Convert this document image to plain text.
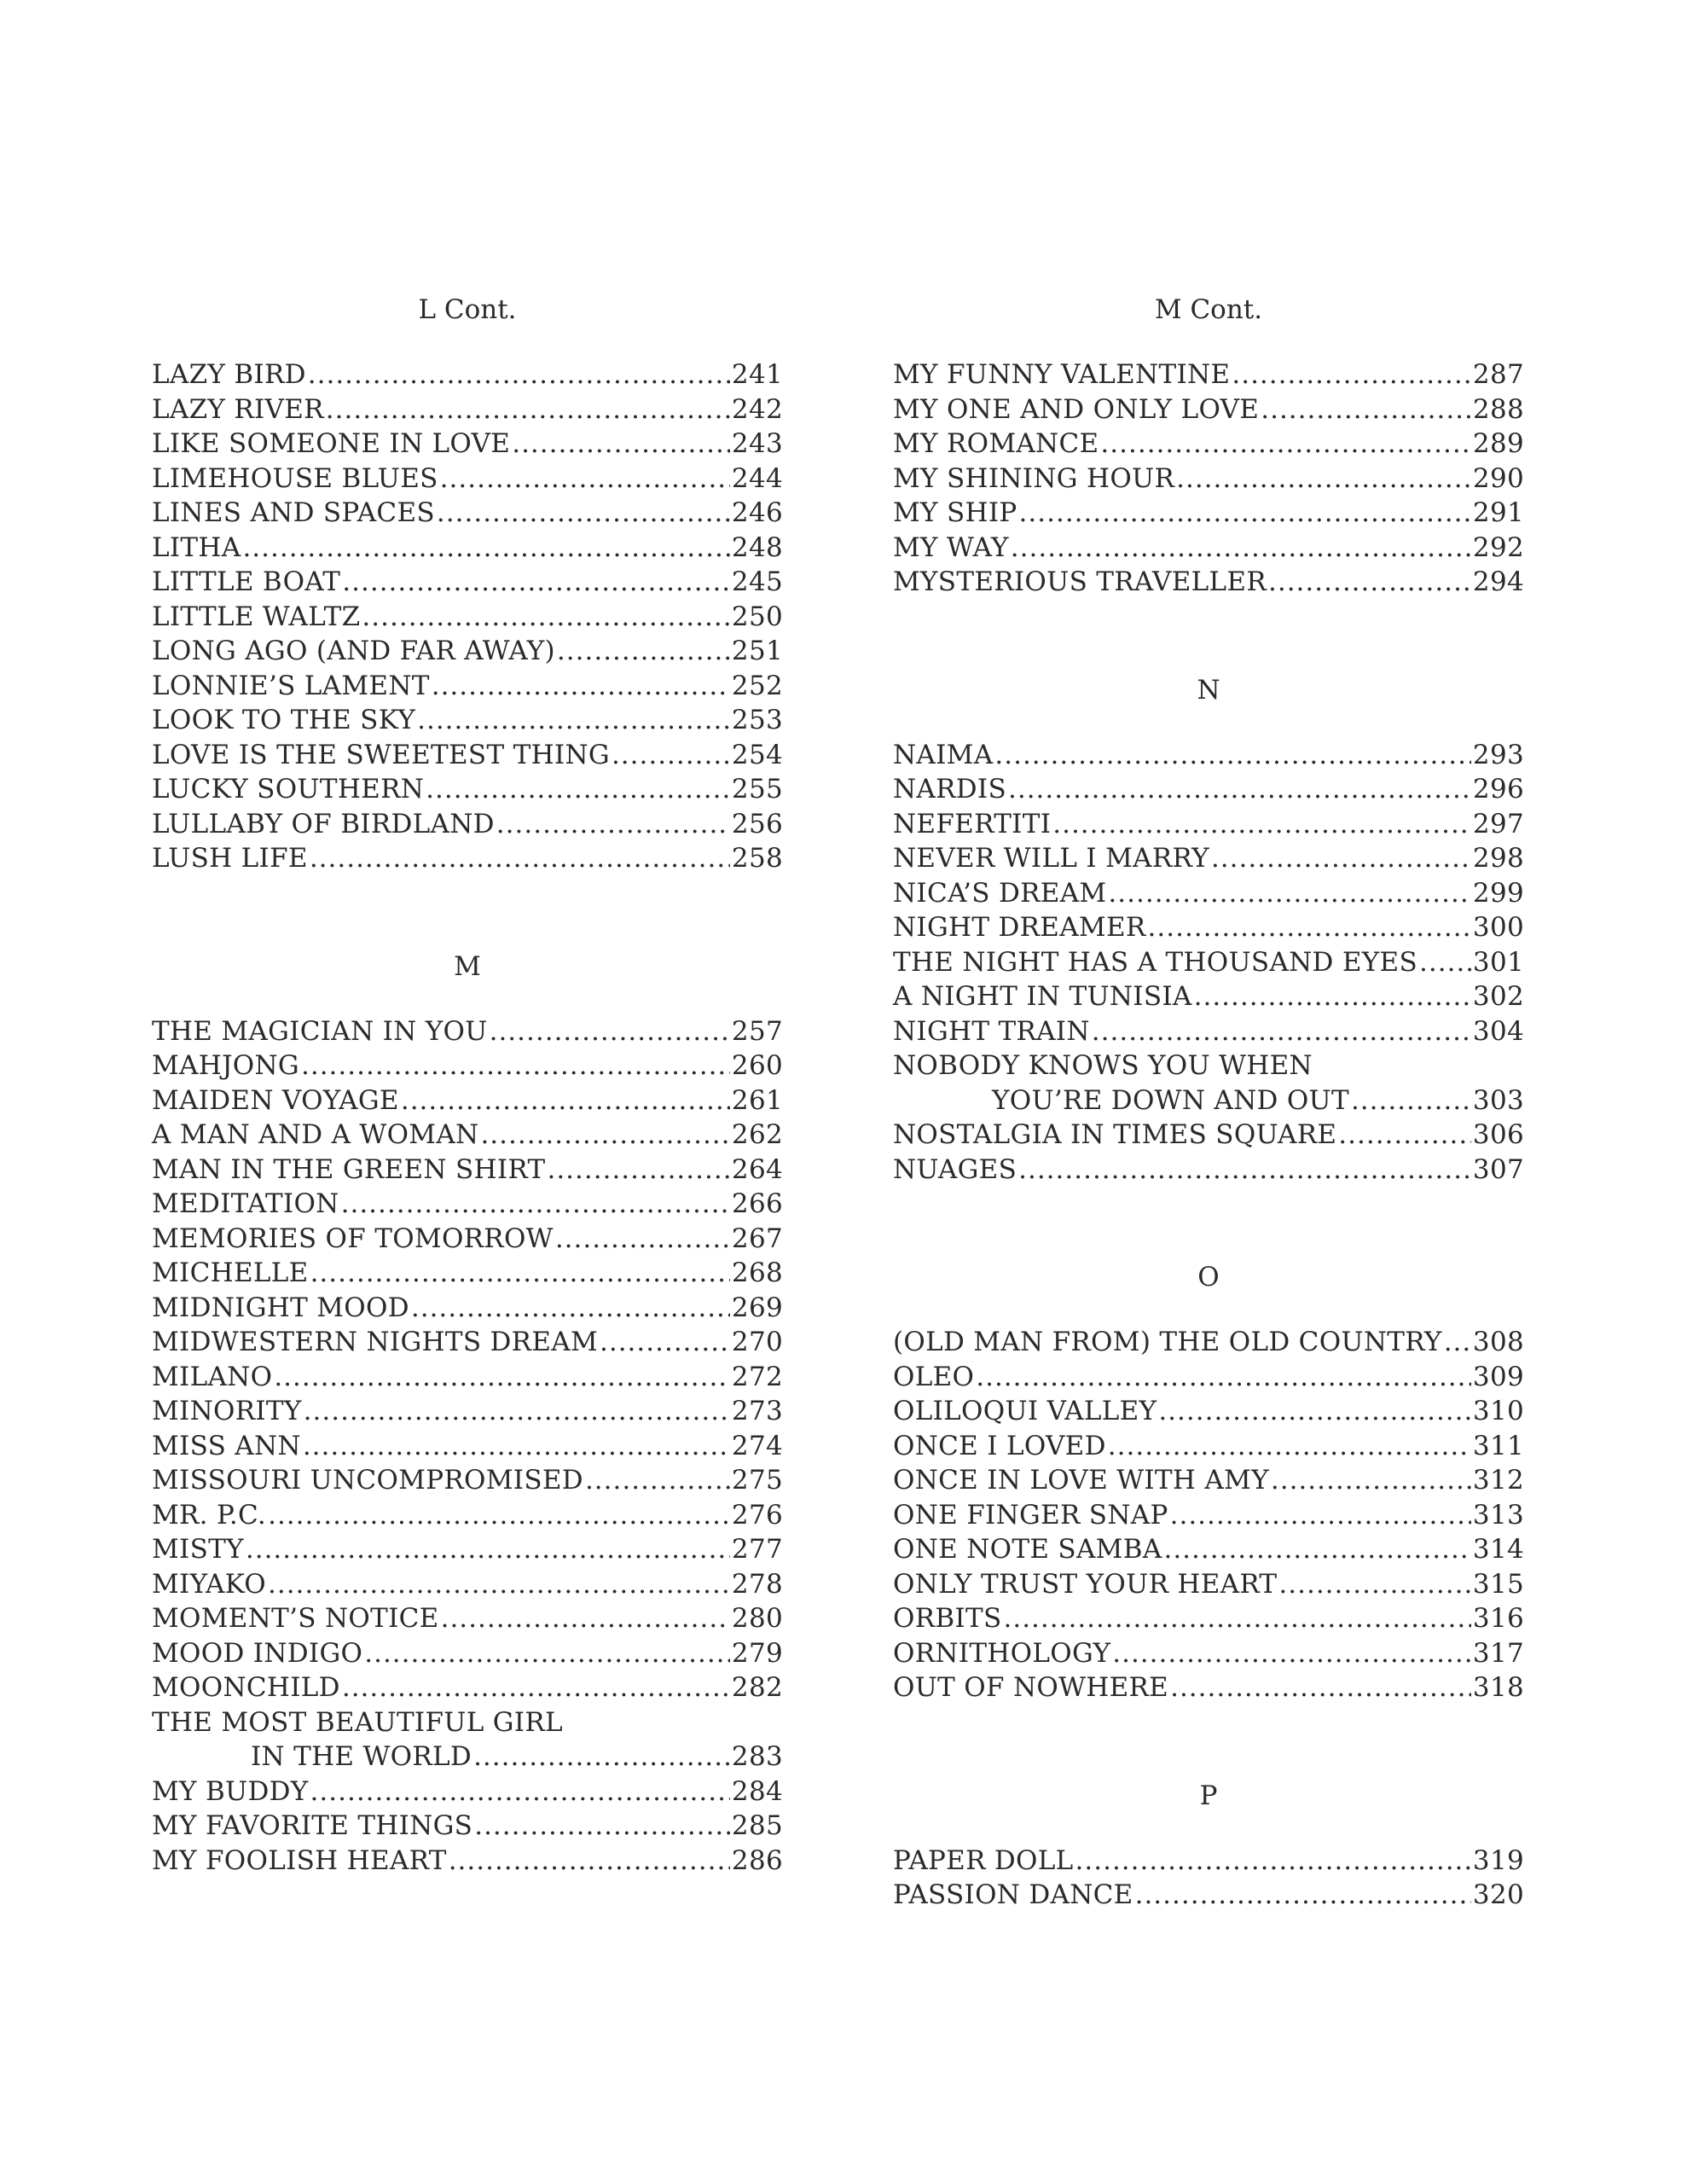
L Cont.
LAZY BIRD .....	241
LAZY RIVER .....	242
LIKE SOMEONE IN LOVE .....	243
LIMEHOUSE BLUES .....	244
LINES AND SPACES .....	246
LITHA .....	248
LITTLE BOAT .....	245
LITTLE WALTZ .....	250
LONG AGO (AND FAR AWAY) .....	251
LONNIE’S LAMENT .....	252
LOOK TO THE SKY .....	253
LOVE IS THE SWEETEST THING .....	254
LUCKY SOUTHERN .....	255
LULLABY OF BIRDLAND .....	256
LUSH LIFE .....	258
M
THE MAGICIAN IN YOU .....	257
MAHJONG .....	260
MAIDEN VOYAGE .....	261
A MAN AND A WOMAN .....	262
MAN IN THE GREEN SHIRT .....	264
MEDITATION .....	266
MEMORIES OF TOMORROW .....	267
MICHELLE .....	268
MIDNIGHT MOOD .....	269
MIDWESTERN NIGHTS DREAM .....	270
MILANO .....	272
MINORITY .....	273
MISS ANN .....	274
MISSOURI UNCOMPROMISED .....	275
MR. P.C. .....	276
MISTY .....	277
MIYAKO .....	278
MOMENT’S NOTICE .....	280
MOOD INDIGO .....	279
MOONCHILD .....	282
THE MOST BEAUTIFUL GIRL
IN THE WORLD .....	283
MY BUDDY .....	284
MY FAVORITE THINGS .....	285
MY FOOLISH HEART .....	286
M Cont.
MY FUNNY VALENTINE .....	287
MY ONE AND ONLY LOVE .....	288
MY ROMANCE .....	289
MY SHINING HOUR .....	290
MY SHIP .....	291
MY WAY .....	292
MYSTERIOUS TRAVELLER .....	294
N
NAIMA .....	293
NARDIS .....	296
NEFERTITI .....	297
NEVER WILL I MARRY .....	298
NICA’S DREAM .....	299
NIGHT DREAMER .....	300
THE NIGHT HAS A THOUSAND EYES ..... 301
A NIGHT IN TUNISIA .....	302
NIGHT TRAIN .....	304
NOBODY KNOWS YOU WHEN
YOU’RE DOWN AND OUT .....	303
NOSTALGIA IN TIMES SQUARE .....	306
NUAGES .....	307
O
(OLD MAN FROM) THE OLD COUNTRY ..... 308
OLEO .....	309
OLILOQUI VALLEY .....	310
ONCE I LOVED .....	311
ONCE IN LOVE WITH AMY .....	312
ONE FINGER SNAP .....	313
ONE NOTE SAMBA .....	314
ONLY TRUST YOUR HEART .....	315
ORBITS .....	316
ORNITHOLOGY .....	317
OUT OF NOWHERE .....	318
P
PAPER DOLL .....	319
PASSION DANCE .....	320
